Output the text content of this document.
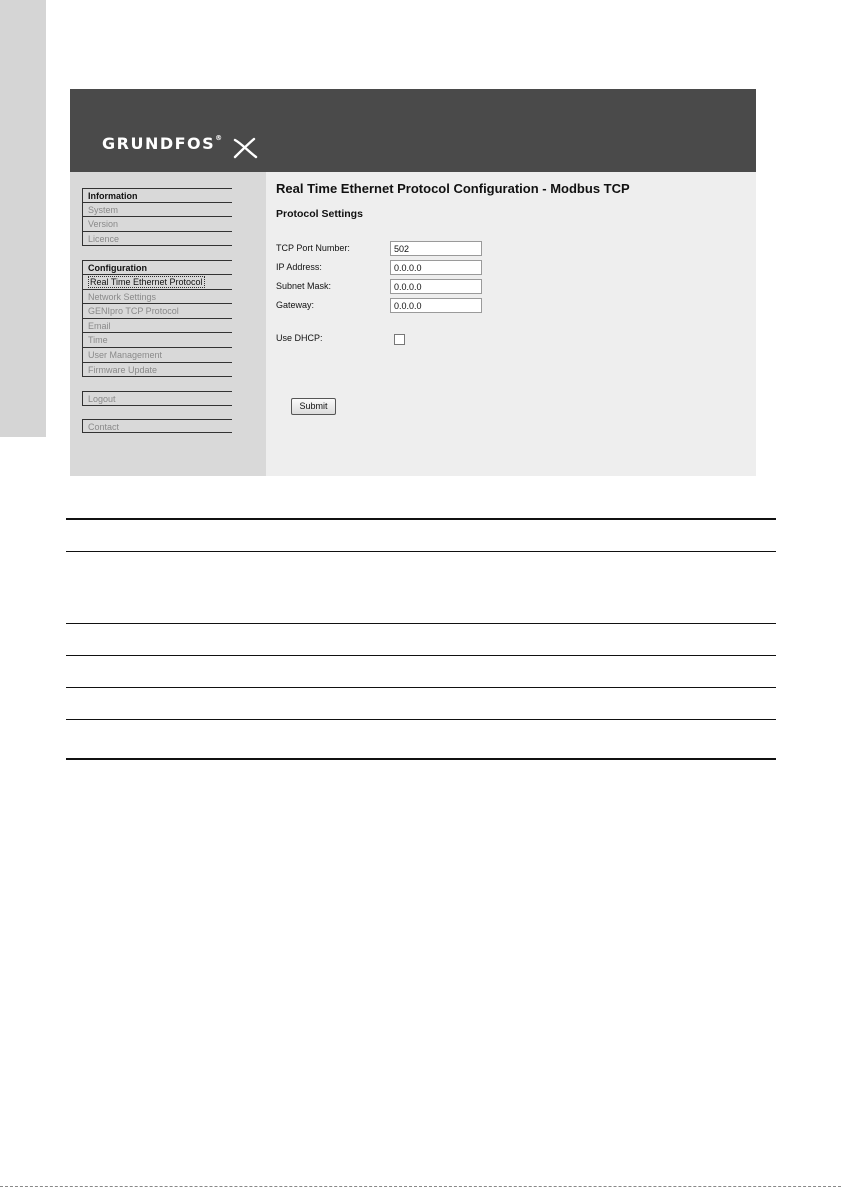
GRUNDFOS®
Information
System
Version
Licence
Configuration
Real Time Ethernet Protocol
Network Settings
GENIpro TCP Protocol
Email
Time
User Management
Firmware Update
Logout
Contact
Real Time Ethernet Protocol Configuration - Modbus TCP
Protocol Settings
TCP Port Number:
502
IP Address:
0.0.0.0
Subnet Mask:
0.0.0.0
Gateway:
0.0.0.0
Use DHCP:
Submit
